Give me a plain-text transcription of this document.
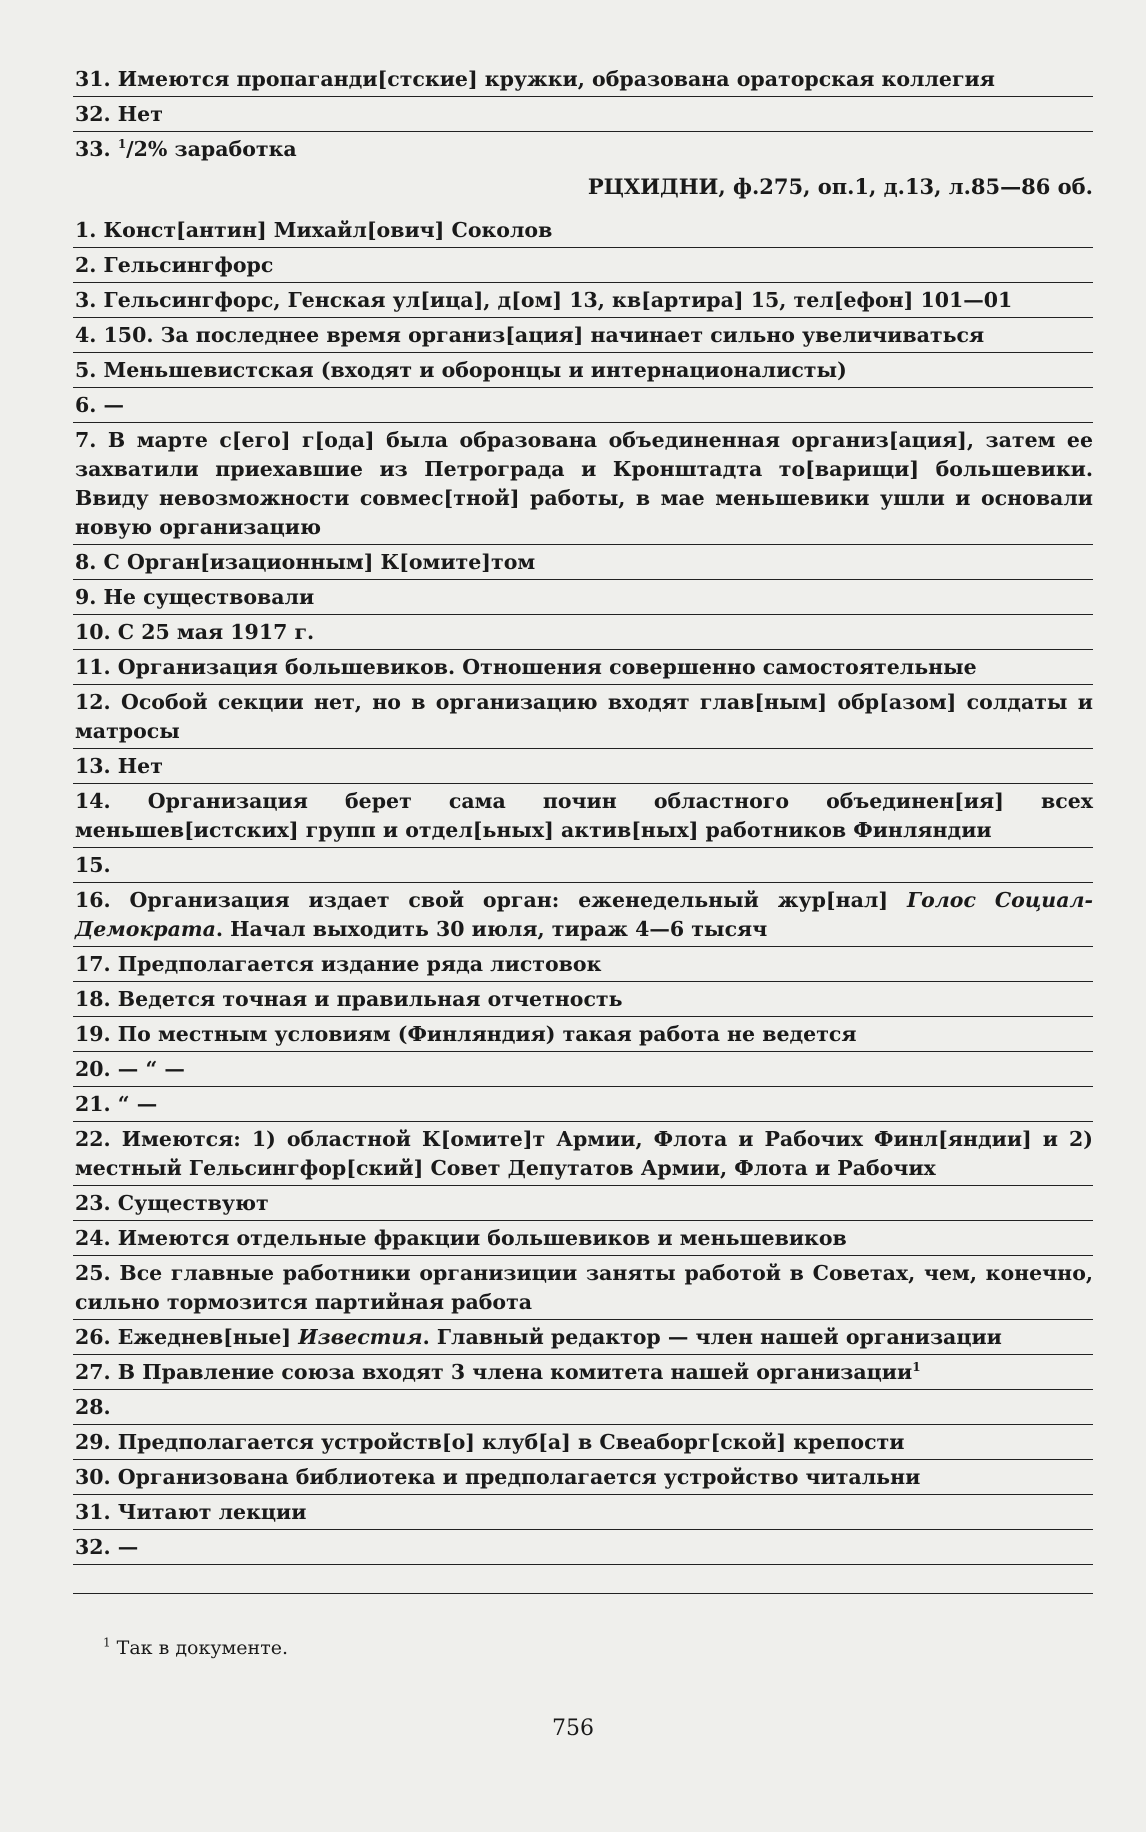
31. Имеются пропаганди[стские] кружки, образована ораторская коллегия
32. Нет
33. $^1$/2% заработка
РЦХИДНИ, ф.275, оп.1, д.13, л.85—86 об.
1. Конст[антин] Михайл[ович] Соколов
2. Гельсингфорс
3. Гельсингфорс, Генская ул[ица], д[ом] 13, кв[артира] 15, тел[ефон] 101—01
4. 150. За последнее время организ[ация] начинает сильно увеличиваться
5. Меньшевистская (входят и оборонцы и интернационалисты)
6. —
7. В марте с[его] г[ода] была образована объединенная организ[ация], затем ее захватили приехавшие из Петрограда и Кронштадта то[варищи] большевики. Ввиду невозможности совмес[тной] работы, в мае меньшевики ушли и основали новую организацию
8. С Орган[изационным] К[омите]том
9. Не существовали
10. С 25 мая 1917 г.
11. Организация большевиков. Отношения совершенно самостоятельные
12. Особой секции нет, но в организацию входят глав[ным] обр[азом] солдаты и матросы
13. Нет
14. Организация берет сама почин областного объединен[ия] всех меньшев[истских] групп и отдел[ьных] актив[ных] работников Финляндии
15.
16. Организация издает свой орган: еженедельный жур[нал] Голос Социал-Демократа. Начал выходить 30 июля, тираж 4—6 тысяч
17. Предполагается издание ряда листовок
18. Ведется точная и правильная отчетность
19. По местным условиям (Финляндия) такая работа не ведется
20. — “ —
21. “ —
22. Имеются: 1) областной К[омите]т Армии, Флота и Рабочих Финл[яндии] и 2) местный Гельсингфор[ский] Совет Депутатов Армии, Флота и Рабочих
23. Существуют
24. Имеются отдельные фракции большевиков и меньшевиков
25. Все главные работники организиции заняты работой в Советах, чем, конечно, сильно тормозится партийная работа
26. Ежеднев[ные] Известия. Главный редактор — член нашей организации
27. В Правление союза входят 3 члена комитета нашей организации$^1$
28.
29. Предполагается устройств[о] клуб[а] в Свеаборг[ской] крепости
30. Организована библиотека и предполагается устройство читальни
31. Читают лекции
32. —
$^1$ Так в документе.
756
